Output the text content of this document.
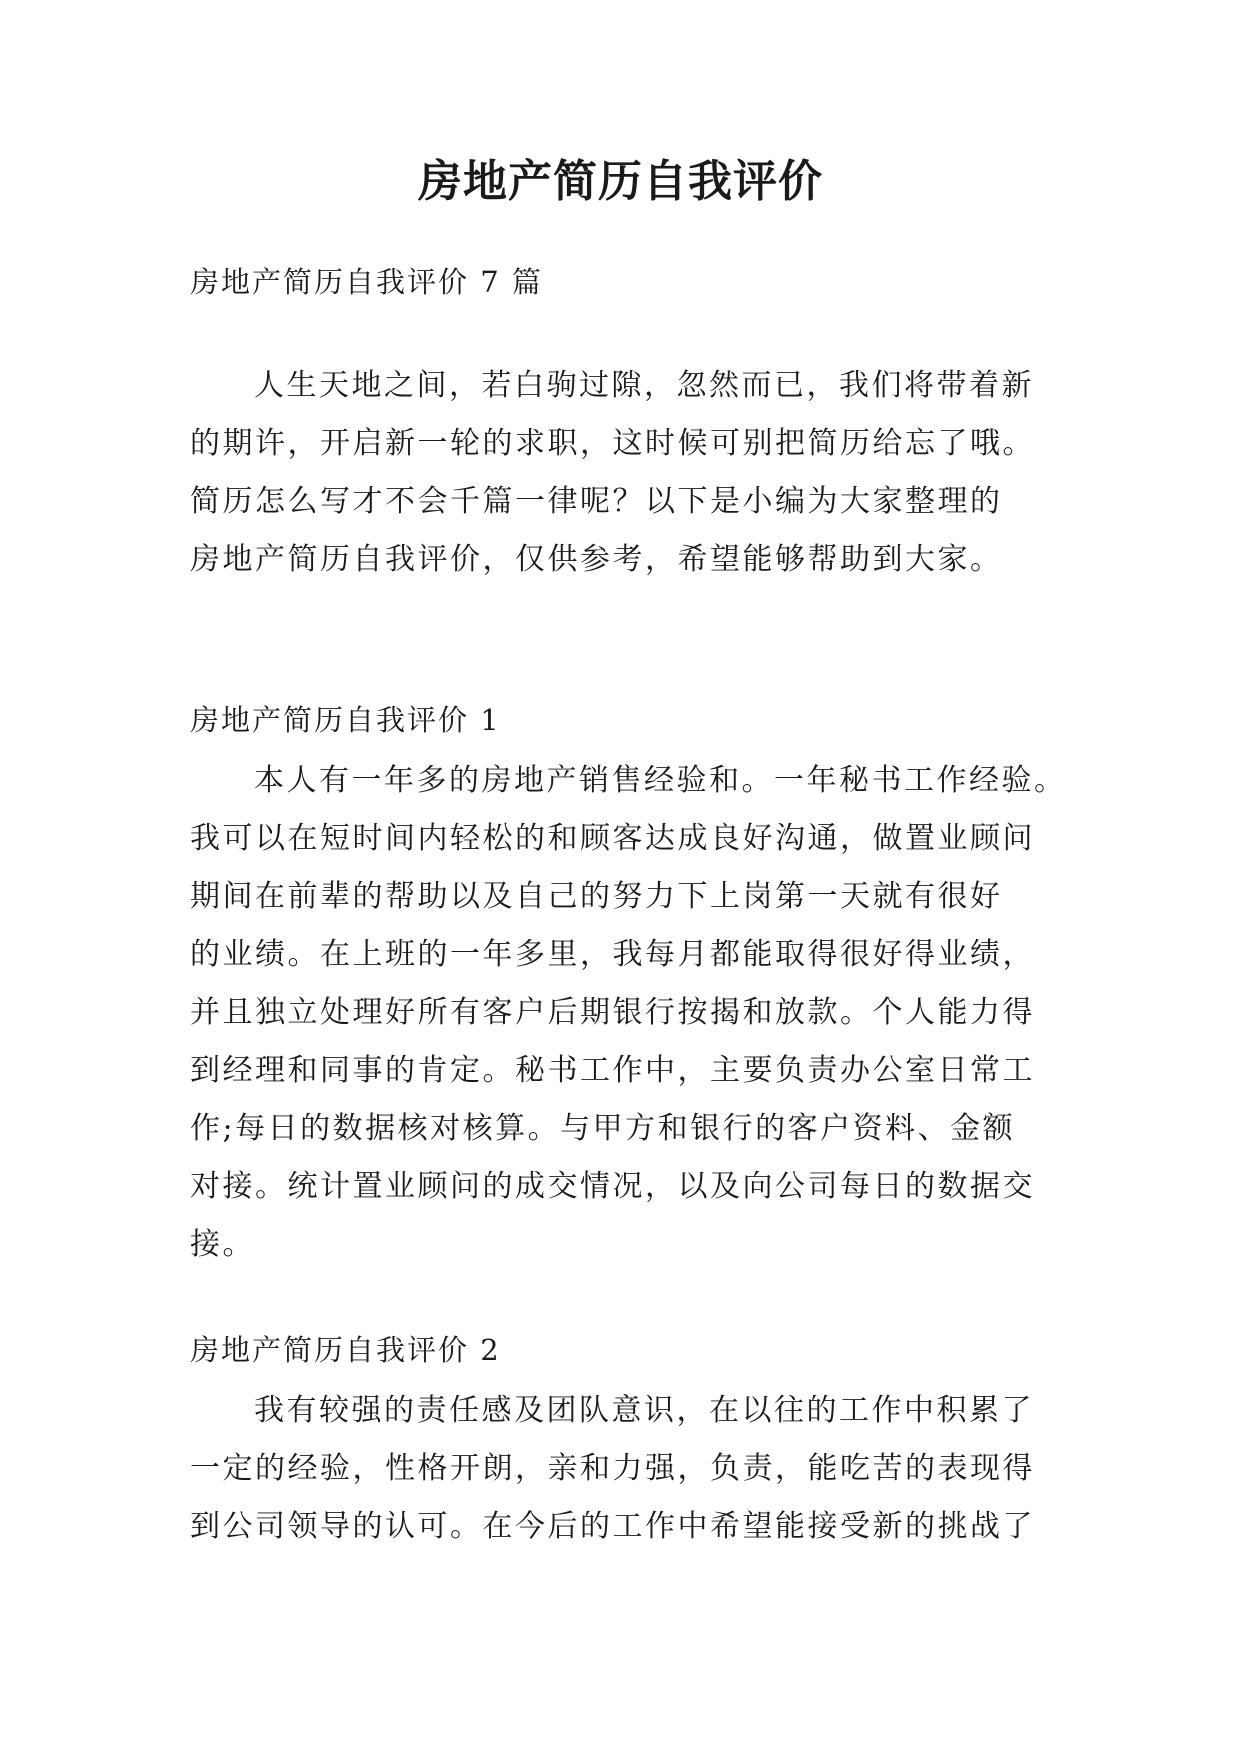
房地产简历自我评价
房地产简历自我评价 7 篇
人生天地之间，若白驹过隙，忽然而已，我们将带着新
的期许，开启新一轮的求职，这时候可别把简历给忘了哦。
简历怎么写才不会千篇一律呢？以下是小编为大家整理的
房地产简历自我评价，仅供参考，希望能够帮助到大家。
房地产简历自我评价 1
本人有一年多的房地产销售经验和。一年秘书工作经验。
我可以在短时间内轻松的和顾客达成良好沟通，做置业顾问
期间在前辈的帮助以及自己的努力下上岗第一天就有很好
的业绩。在上班的一年多里，我每月都能取得很好得业绩，
并且独立处理好所有客户后期银行按揭和放款。个人能力得
到经理和同事的肯定。秘书工作中，主要负责办公室日常工
作;每日的数据核对核算。与甲方和银行的客户资料、金额
对接。统计置业顾问的成交情况，以及向公司每日的数据交
接。
房地产简历自我评价 2
我有较强的责任感及团队意识，在以往的工作中积累了
一定的经验，性格开朗，亲和力强，负责，能吃苦的表现得
到公司领导的认可。在今后的工作中希望能接受新的挑战了
